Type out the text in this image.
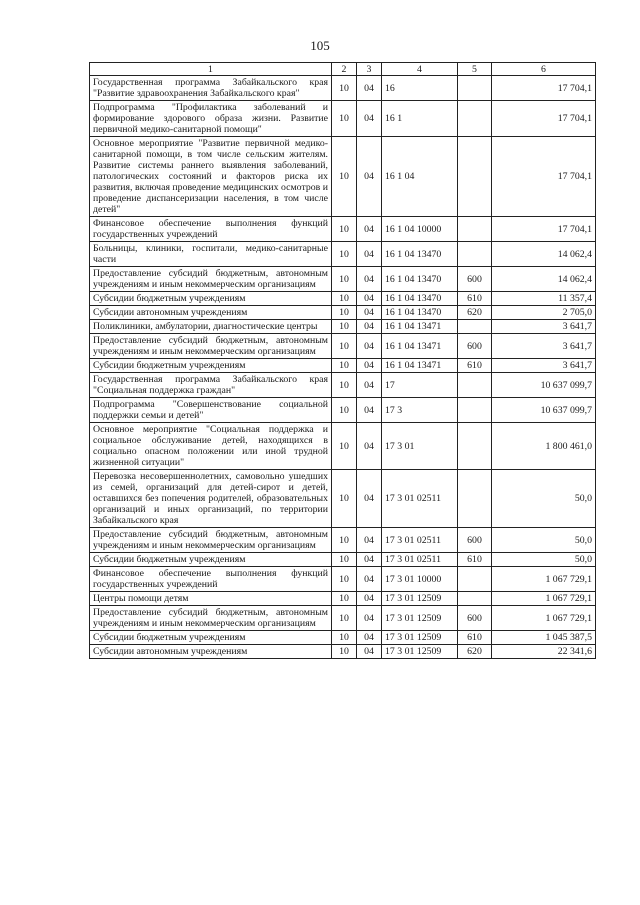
105
1	2	3	4	5	6
Государственная программа Забайкальского края "Развитие здравоохранения Забайкальского края"	10	04	16		17 704,1
Подпрограмма "Профилактика заболеваний и формирование здорового образа жизни. Развитие первичной медико-санитарной помощи"	10	04	16 1		17 704,1
Основное мероприятие "Развитие первичной медико-санитарной помощи, в том числе сельским жителям. Развитие системы раннего выявления заболеваний, патологических состояний и факторов риска их развития, включая проведение медицинских осмотров и проведение диспансеризации населения, в том числе детей"	10	04	16 1 04		17 704,1
Финансовое обеспечение выполнения функций государственных учреждений	10	04	16 1 04 10000		17 704,1
Больницы, клиники, госпитали, медико-санитарные части	10	04	16 1 04 13470		14 062,4
Предоставление субсидий бюджетным, автономным учреждениям и иным некоммерческим организациям	10	04	16 1 04 13470	600	14 062,4
Субсидии бюджетным учреждениям	10	04	16 1 04 13470	610	11 357,4
Субсидии автономным учреждениям	10	04	16 1 04 13470	620	2 705,0
Поликлиники, амбулатории, диагностические центры	10	04	16 1 04 13471		3 641,7
Предоставление субсидий бюджетным, автономным учреждениям и иным некоммерческим организациям	10	04	16 1 04 13471	600	3 641,7
Субсидии бюджетным учреждениям	10	04	16 1 04 13471	610	3 641,7
Государственная программа Забайкальского края "Социальная поддержка граждан"	10	04	17		10 637 099,7
Подпрограмма "Совершенствование социальной поддержки семьи и детей"	10	04	17 3		10 637 099,7
Основное мероприятие "Социальная поддержка и социальное обслуживание детей, находящихся в социально опасном положении или иной трудной жизненной ситуации"	10	04	17 3 01		1 800 461,0
Перевозка несовершеннолетних, самовольно ушедших из семей, организаций для детей-сирот и детей, оставшихся без попечения родителей, образовательных организаций и иных организаций, по территории Забайкальского края	10	04	17 3 01 02511		50,0
Предоставление субсидий бюджетным, автономным учреждениям и иным некоммерческим организациям	10	04	17 3 01 02511	600	50,0
Субсидии бюджетным учреждениям	10	04	17 3 01 02511	610	50,0
Финансовое обеспечение выполнения функций государственных учреждений	10	04	17 3 01 10000		1 067 729,1
Центры помощи детям	10	04	17 3 01 12509		1 067 729,1
Предоставление субсидий бюджетным, автономным учреждениям и иным некоммерческим организациям	10	04	17 3 01 12509	600	1 067 729,1
Субсидии бюджетным учреждениям	10	04	17 3 01 12509	610	1 045 387,5
Субсидии автономным учреждениям	10	04	17 3 01 12509	620	22 341,6
